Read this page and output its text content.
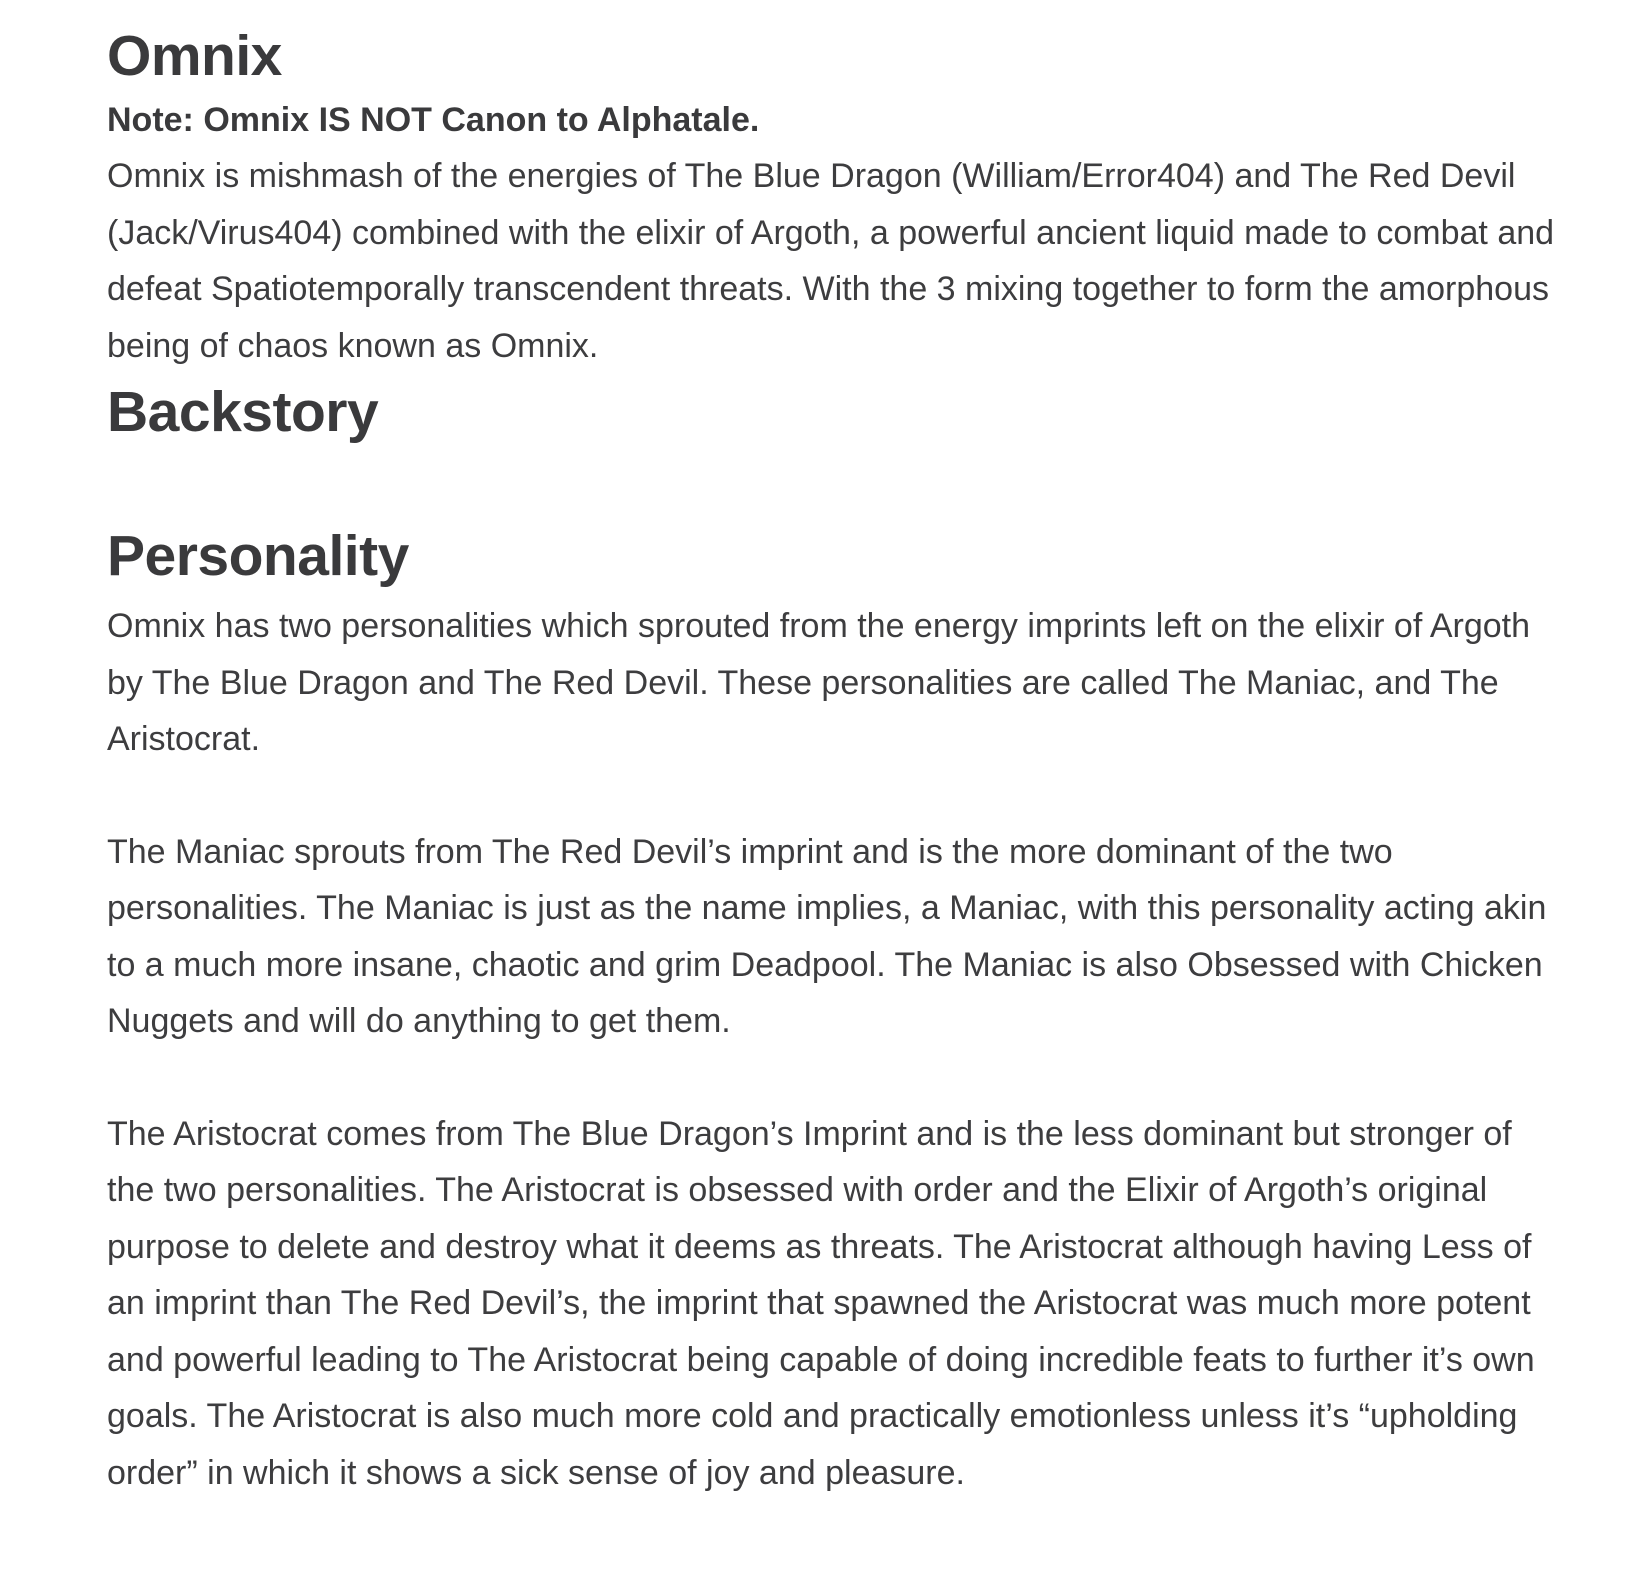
Omnix
Note: Omnix IS NOT Canon to Alphatale.

Omnix is mishmash of the energies of The Blue Dragon (William/Error404) and The Red Devil (Jack/Virus404) combined with the elixir of Argoth, a powerful ancient liquid made to combat and defeat Spatiotemporally transcendent threats. With the 3 mixing together to form the amorphous being of chaos known as Omnix.

Backstory
Personality

Omnix has two personalities which sprouted from the energy imprints left on the elixir of Argoth by The Blue Dragon and The Red Devil. These personalities are called The Maniac, and The Aristocrat.

The Maniac sprouts from The Red Devil’s imprint and is the more dominant of the two personalities. The Maniac is just as the name implies, a Maniac, with this personality acting akin to a much more insane, chaotic and grim Deadpool. The Maniac is also Obsessed with Chicken Nuggets and will do anything to get them.

The Aristocrat comes from The Blue Dragon’s Imprint and is the less dominant but stronger of the two personalities. The Aristocrat is obsessed with order and the Elixir of Argoth’s original purpose to delete and destroy what it deems as threats. The Aristocrat although having Less of an imprint than The Red Devil’s, the imprint that spawned the Aristocrat was much more potent and powerful leading to The Aristocrat being capable of doing incredible feats to further it’s own goals. The Aristocrat is also much more cold and practically emotionless unless it’s “upholding order” in which it shows a sick sense of joy and pleasure.
